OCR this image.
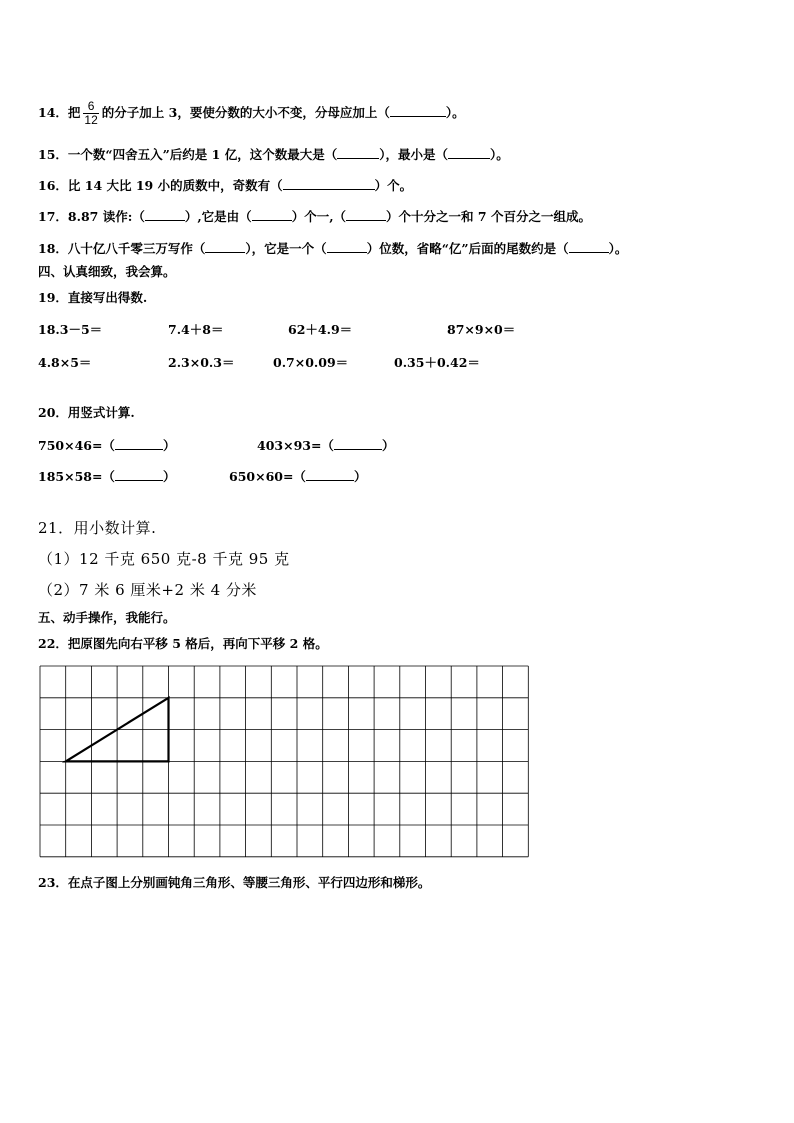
14．把 $\frac{6}{12}$ 的分子加上 3，要使分数的大小不变，分母应加上（	）。
15．一个数“四舍五入”后约是 1 亿，这个数最大是（	），最小是（	）。
16．比 14 大比 19 小的质数中，奇数有（	）个。
17．8.87 读作:（	）,它是由（	）个一,（	）个十分之一和 7 个百分之一组成。
18．八十亿八千零三万写作（	），它是一个（	）位数，省略“亿”后面的尾数约是（	）。
四、认真细致，我会算。
19．直接写出得数.
18.3－5＝	7.4＋8＝	62＋4.9＝	87×9×0＝
4.8×5＝	2.3×0.3＝	0.7×0.09＝	0.35＋0.42＝
20．用竖式计算.
750×46=（	）	403×93=（	）
185×58=（	）	650×60=（	）
21．用小数计算.
（1）12 千克 650 克-8 千克 95 克
（2）7 米 6 厘米+2 米 4 分米
五、动手操作，我能行。
22．把原图先向右平移 5 格后，再向下平移 2 格。
23．在点子图上分别画钝角三角形、等腰三角形、平行四边形和梯形。
